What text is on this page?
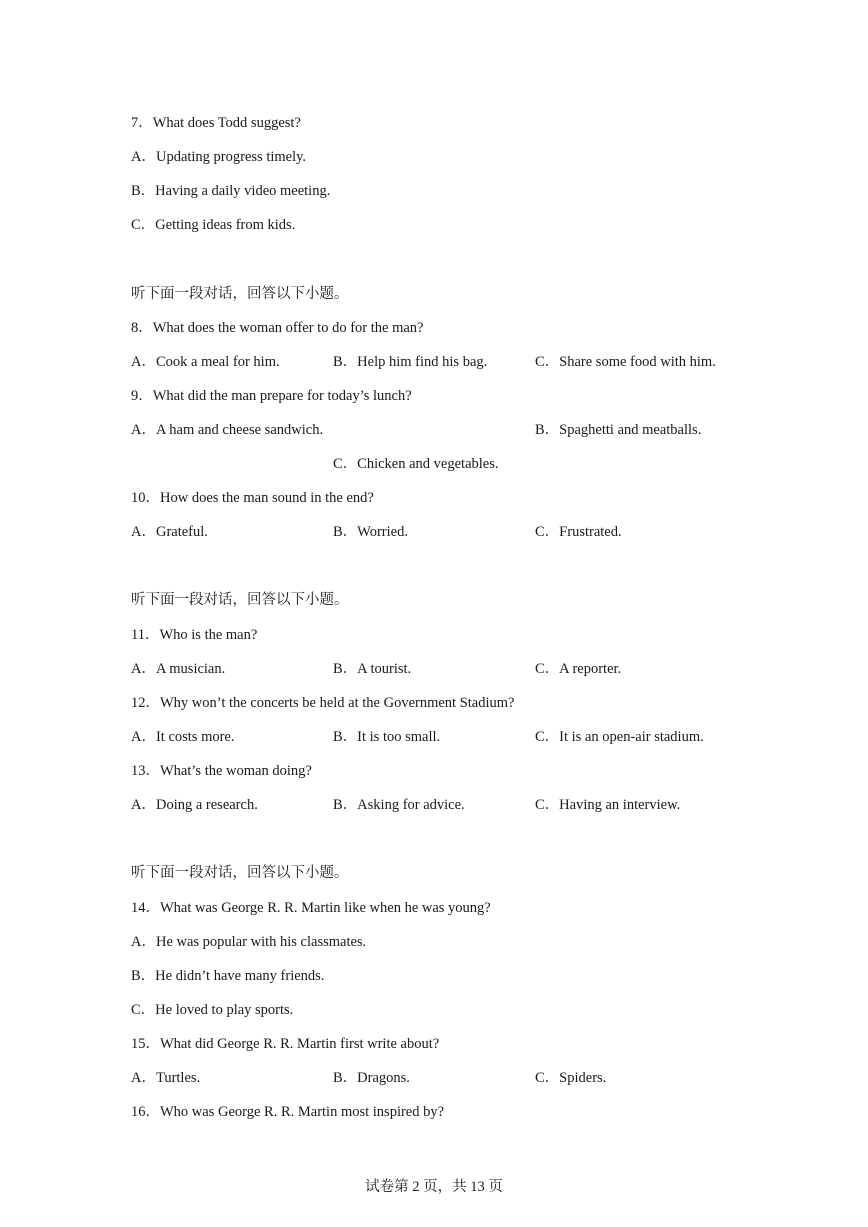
7．What does Todd suggest?
A．Updating progress timely.
B．Having a daily video meeting.
C．Getting ideas from kids.
听下面一段对话，回答以下小题。
8．What does the woman offer to do for the man?
A．Cook a meal for him.	B．Help him find his bag.	C．Share some food with him.
9．What did the man prepare for today’s lunch?
A．A ham and cheese sandwich.	B．Spaghetti and meatballs.
C．Chicken and vegetables.
10．How does the man sound in the end?
A．Grateful.	B．Worried.	C．Frustrated.
听下面一段对话，回答以下小题。
11．Who is the man?
A．A musician.	B．A tourist.	C．A reporter.
12．Why won’t the concerts be held at the Government Stadium?
A．It costs more.	B．It is too small.	C．It is an open-air stadium.
13．What’s the woman doing?
A．Doing a research.	B．Asking for advice.	C．Having an interview.
听下面一段对话，回答以下小题。
14．What was George R. R. Martin like when he was young?
A．He was popular with his classmates.
B．He didn’t have many friends.
C．He loved to play sports.
15．What did George R. R. Martin first write about?
A．Turtles.	B．Dragons.	C．Spiders.
16．Who was George R. R. Martin most inspired by?
试卷第 2 页，共 13 页
